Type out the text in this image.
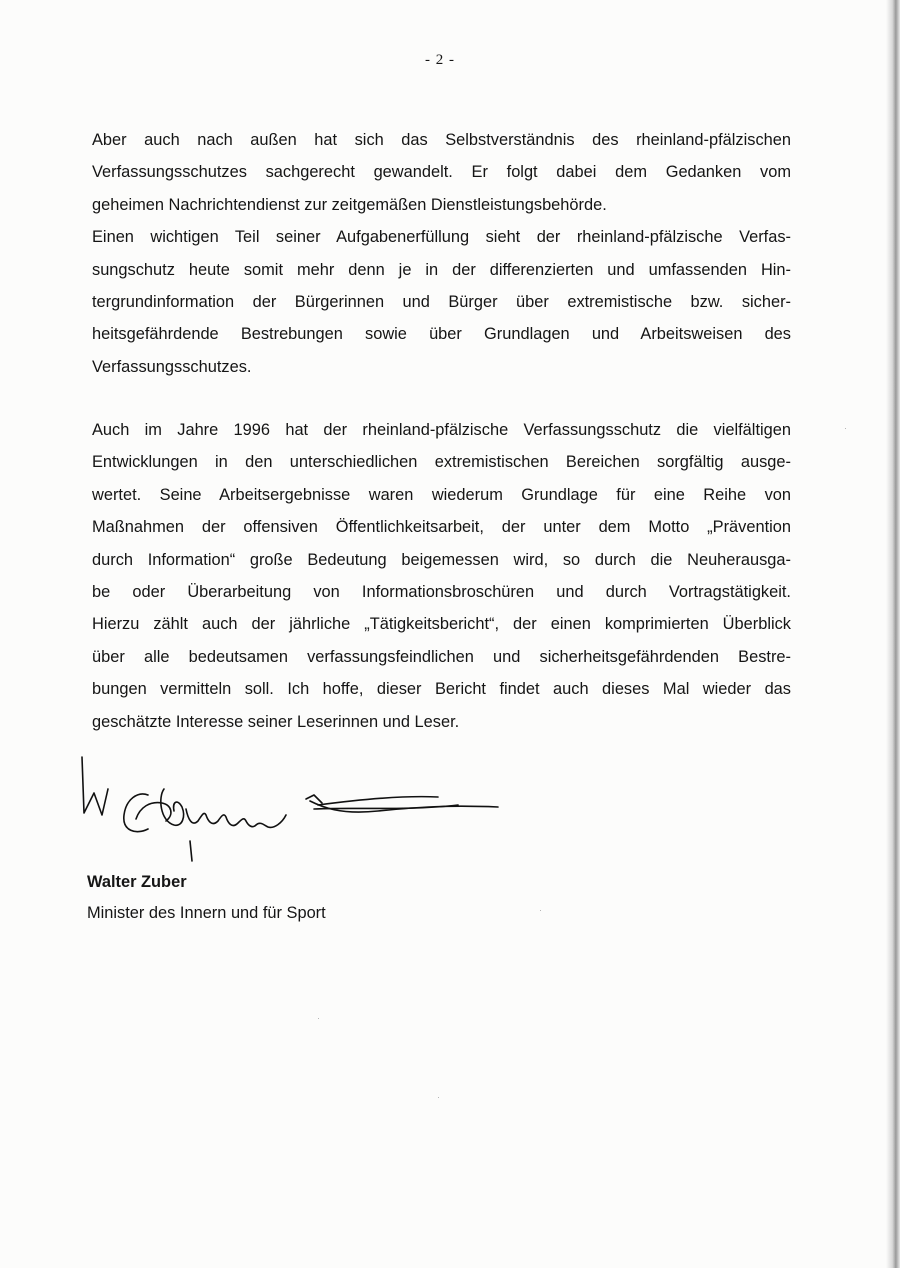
- 2 -

Aber auch nach außen hat sich das Selbstverständnis des rheinland-pfälzischen
Verfassungsschutzes sachgerecht gewandelt. Er folgt dabei dem Gedanken vom
geheimen Nachrichtendienst zur zeitgemäßen Dienstleistungsbehörde.
Einen wichtigen Teil seiner Aufgabenerfüllung sieht der rheinland-pfälzische Verfas-
sungschutz heute somit mehr denn je in der differenzierten und umfassenden Hin-
tergrundinformation der Bürgerinnen und Bürger über extremistische bzw. sicher-
heitsgefährdende Bestrebungen sowie über Grundlagen und Arbeitsweisen des
Verfassungsschutzes.

Auch im Jahre 1996 hat der rheinland-pfälzische Verfassungsschutz die vielfältigen
Entwicklungen in den unterschiedlichen extremistischen Bereichen sorgfältig ausge-
wertet. Seine Arbeitsergebnisse waren wiederum Grundlage für eine Reihe von
Maßnahmen der offensiven Öffentlichkeitsarbeit, der unter dem Motto „Prävention
durch Information“ große Bedeutung beigemessen wird, so durch die Neuherausga-
be oder Überarbeitung von Informationsbroschüren und durch Vortragstätigkeit.
Hierzu zählt auch der jährliche „Tätigkeitsbericht“, der einen komprimierten Überblick
über alle bedeutsamen verfassungsfeindlichen und sicherheitsgefährdenden Bestre-
bungen vermitteln soll. Ich hoffe, dieser Bericht findet auch dieses Mal wieder das
geschätzte Interesse seiner Leserinnen und Leser.

Walter Zuber
Minister des Innern und für Sport
